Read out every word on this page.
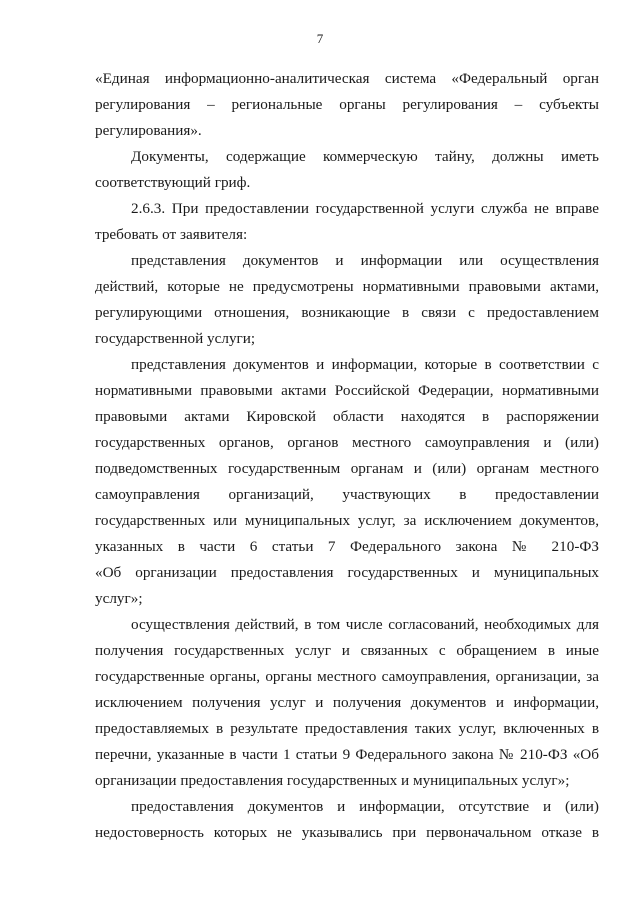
7

«Единая информационно-аналитическая система «Федеральный орган
регулирования – региональные органы регулирования – субъекты
регулирования».

Документы, содержащие коммерческую тайну, должны иметь
соответствующий гриф.

2.6.3. При предоставлении государственной услуги служба не вправе
требовать от заявителя:

представления документов и информации или осуществления
действий, которые не предусмотрены нормативными правовыми актами,
регулирующими отношения, возникающие в связи с предоставлением
государственной услуги;

представления документов и информации, которые в соответствии с
нормативными правовыми актами Российской Федерации, нормативными
правовыми актами Кировской области находятся в распоряжении
государственных органов, органов местного самоуправления и (или)
подведомственных государственным органам и (или) органам местного
самоуправления организаций, участвующих в предоставлении
государственных или муниципальных услуг, за исключением документов,
указанных в части 6 статьи 7 Федерального закона № 210-ФЗ
«Об организации предоставления государственных и муниципальных услуг»;

осуществления действий, в том числе согласований, необходимых для
получения государственных услуг и связанных с обращением в иные
государственные органы, органы местного самоуправления, организации, за
исключением получения услуг и получения документов и информации,
предоставляемых в результате предоставления таких услуг, включенных в
перечни, указанные в части 1 статьи 9 Федерального закона № 210-ФЗ «Об
организации предоставления государственных и муниципальных услуг»;

предоставления документов и информации, отсутствие и (или)
недостоверность которых не указывались при первоначальном отказе в
